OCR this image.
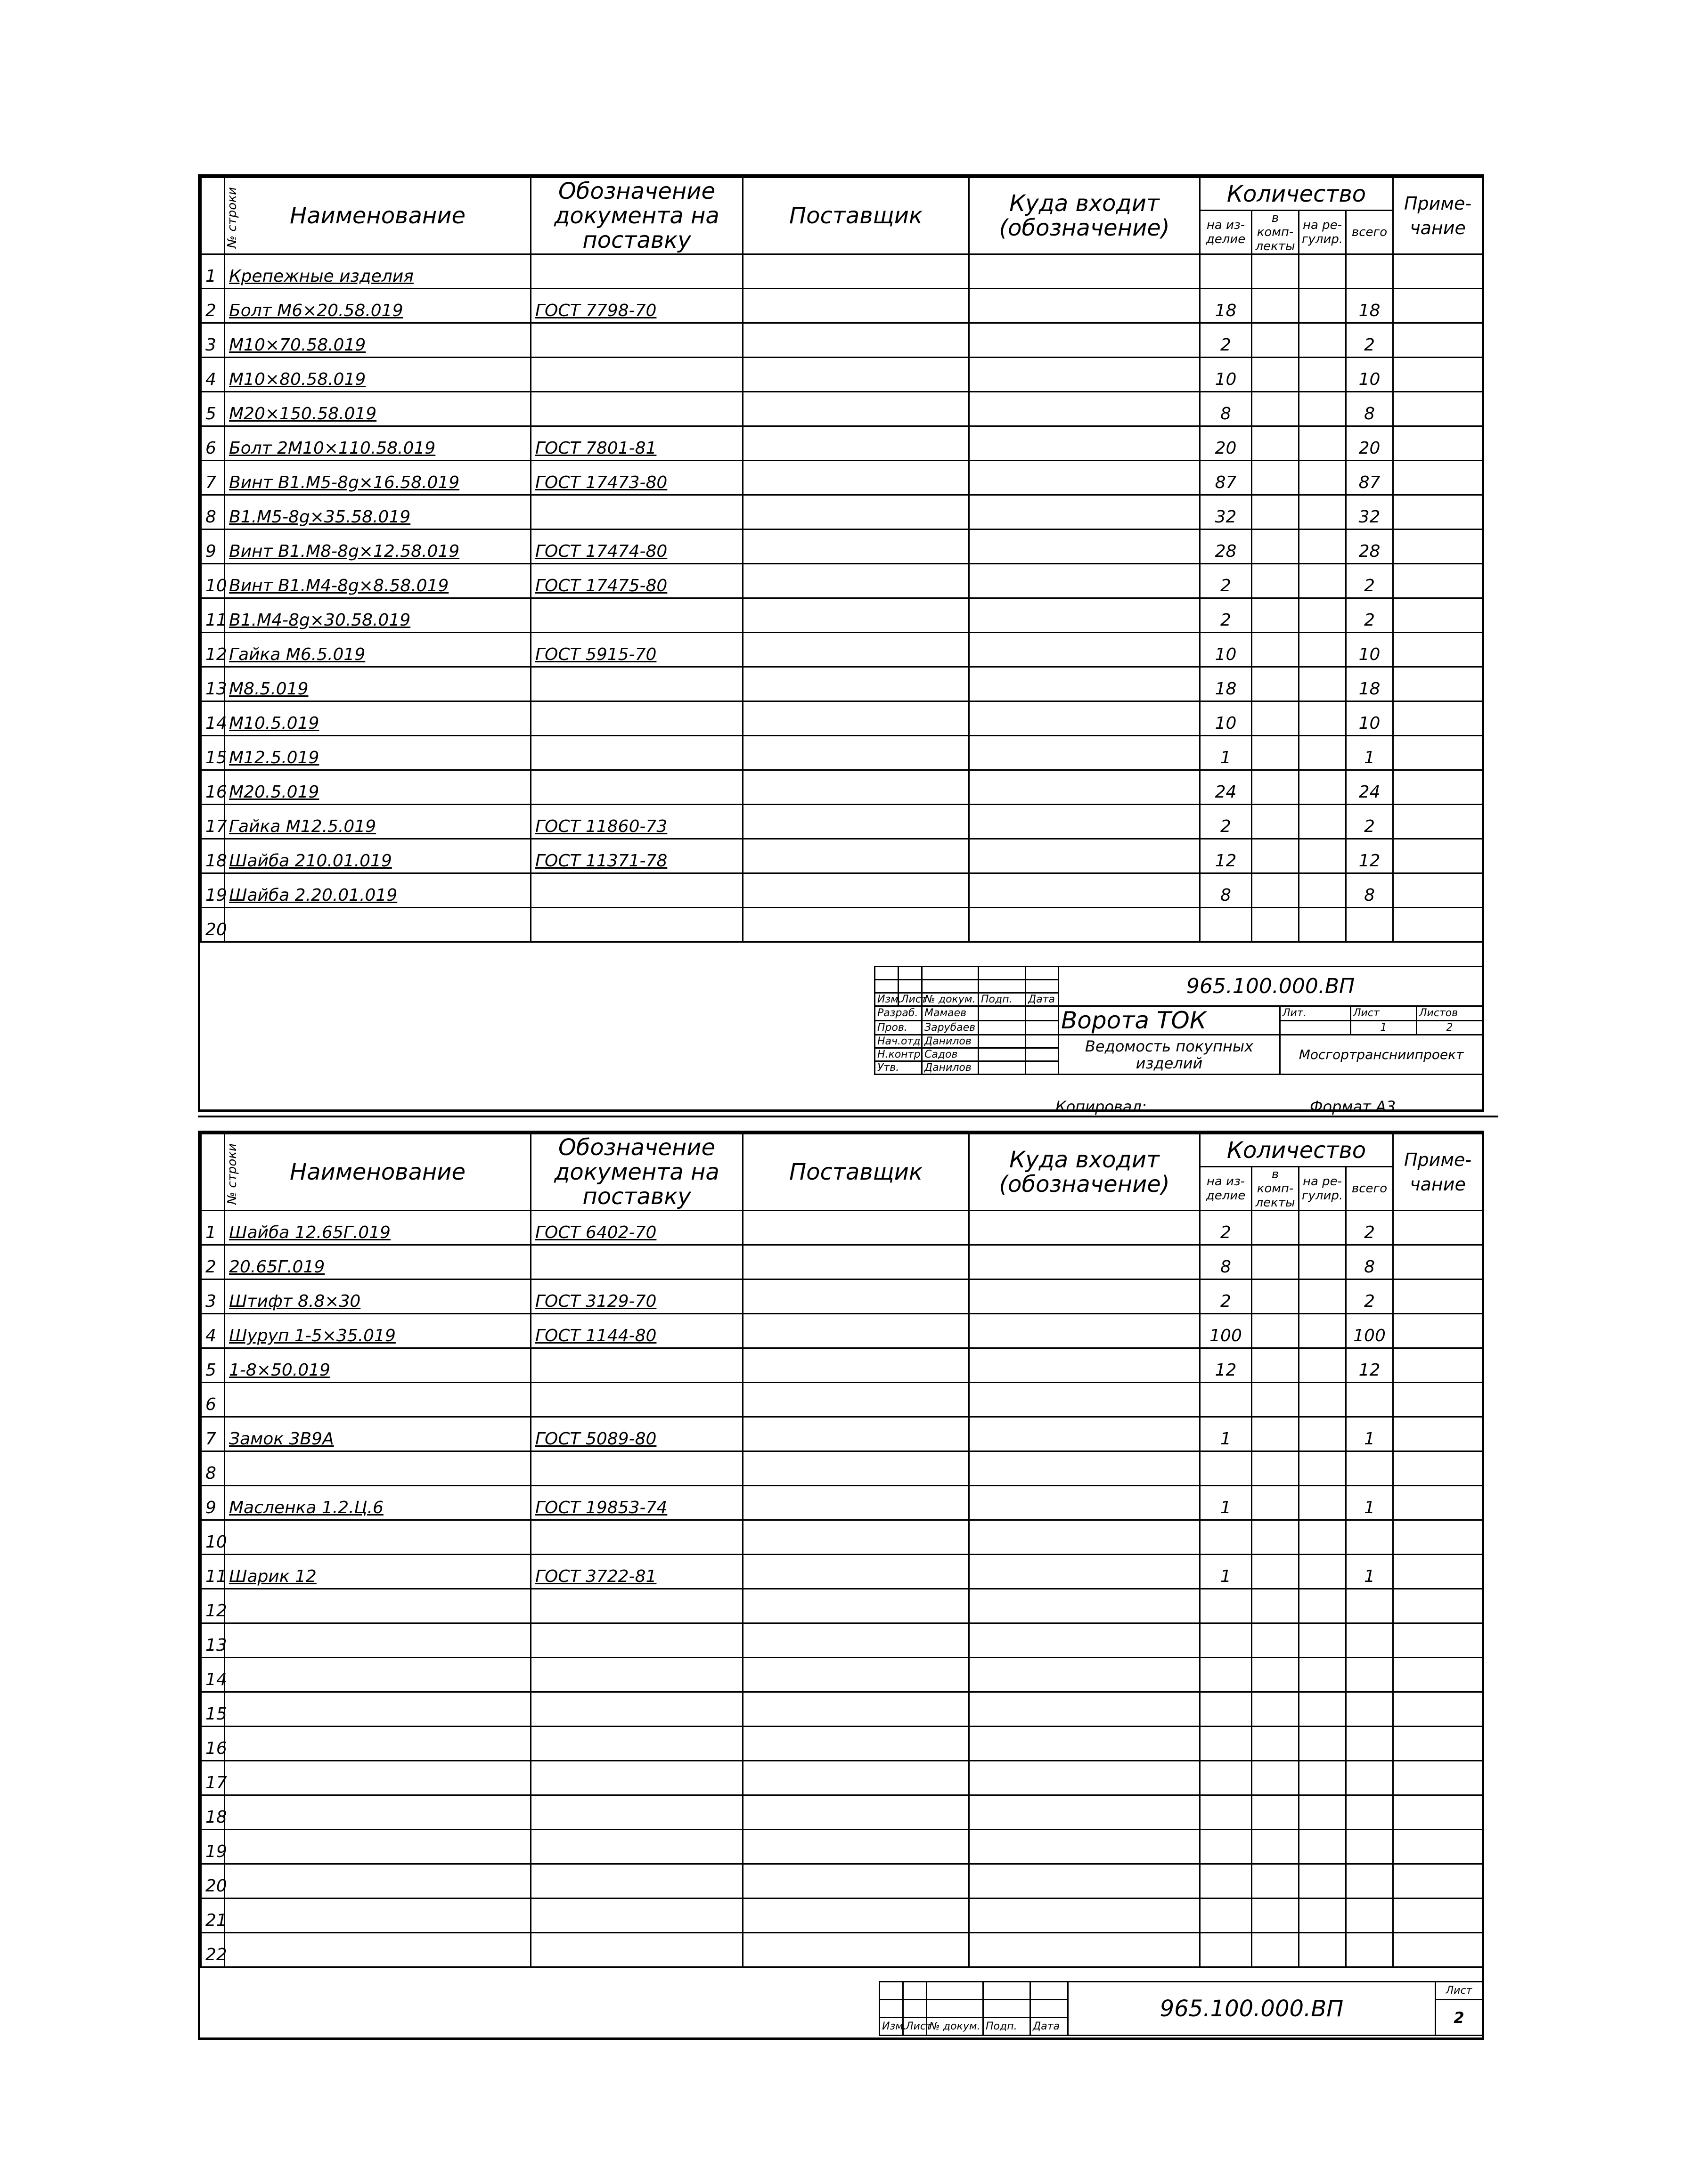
№ строки	Наименование	Обозначение документа на поставку	Поставщик	Куда входит (обозначение)	Количество				Приме-чание
					на из-делие	в комп-лекты	на ре-гулир.	всего	
1	Крепежные изделия								
2	Болт М6×20.58.019	ГОСТ 7798-70			18			18	
3	М10×70.58.019				2			2	
4	М10×80.58.019				10			10	
5	М20×150.58.019				8			8	
6	Болт 2М10×110.58.019	ГОСТ 7801-81			20			20	
7	Винт В1.М5-8g×16.58.019	ГОСТ 17473-80			87			87	
8	В1.М5-8g×35.58.019				32			32	
9	Винт В1.М8-8g×12.58.019	ГОСТ 17474-80			28			28	
10	Винт В1.М4-8g×8.58.019	ГОСТ 17475-80			2			2	
11	В1.М4-8g×30.58.019				2			2	
12	Гайка М6.5.019	ГОСТ 5915-70			10			10	
13	М8.5.019				18			18	
14	М10.5.019				10			10	
15	М12.5.019				1			1	
16	М20.5.019				24			24	
17	Гайка М12.5.019	ГОСТ 11860-73			2			2	
18	Шайба 210.01.019	ГОСТ 11371-78			12			12	
19	Шайба 2.20.01.019				8			8	
20									
					965.100.000.ВП			

Изм.	Лист	№ докум.	Подп.	Дата				
Разраб.		Мамаев			Ворота ТОК	Лит.	Лист	Листов
Пров.		Зарубаев					1	2
Нач.отд.		Данилов			Ведомость покупных изделий	Мосгортрансниипроект		
Н.контр.		Садов						
Утв.		Данилов						
Копировал:	Формат А3
№ строки	Наименование	Обозначение документа на поставку	Поставщик	Куда входит (обозначение)	Количество				Приме-чание
					на из-делие	в комп-лекты	на ре-гулир.	всего	
1	Шайба 12.65Г.019	ГОСТ 6402-70			2			2	
2	20.65Г.019				8			8	
3	Штифт 8.8×30	ГОСТ 3129-70			2			2	
4	Шуруп 1-5×35.019	ГОСТ 1144-80			100			100	
5	1-8×50.019				12			12	
6									
7	Замок 3В9А	ГОСТ 5089-80			1			1	
8									
9	Масленка 1.2.Ц.6	ГОСТ 19853-74			1			1	
10									
11	Шарик 12	ГОСТ 3722-81			1			1	
12									
13									
14									
15									
16									
17									
18									
19									
20									
21									
22									
					965.100.000.ВП	Лист
						2
Изм.	Лист	№ докум.	Подп.	Дата		
